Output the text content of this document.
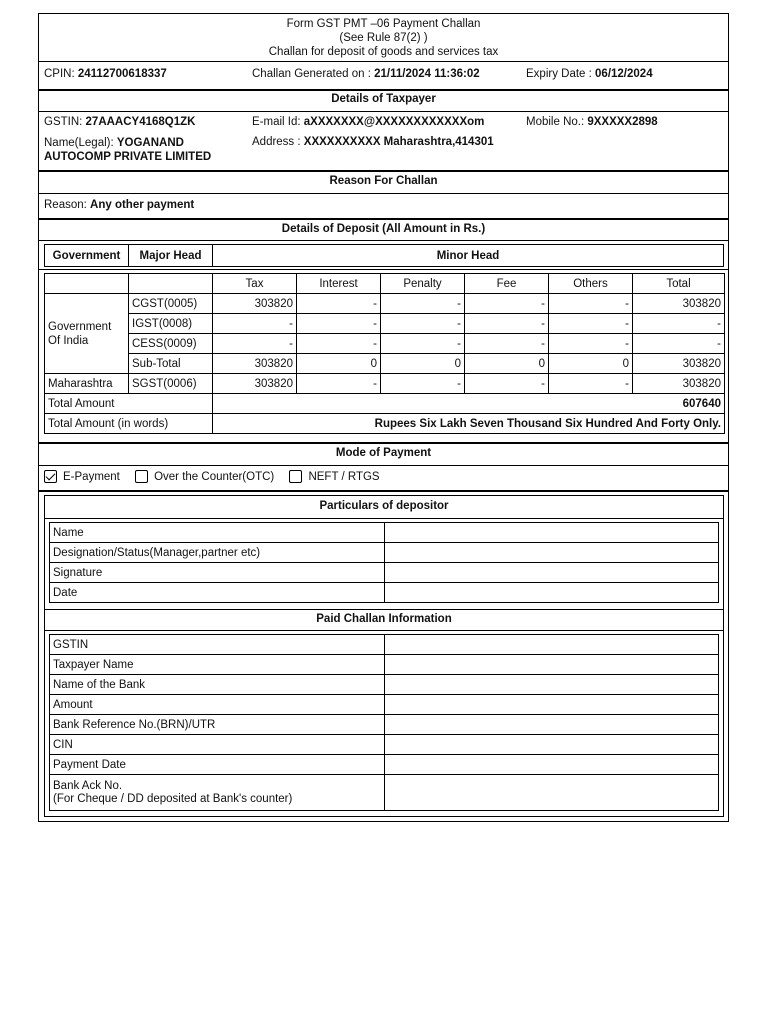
Form GST PMT –06 Payment Challan
(See Rule 87(2) )
Challan for deposit of goods and services tax
CPIN: 24112700618337	Challan Generated on : 21/11/2024 11:36:02	Expiry Date : 06/12/2024
Details of Taxpayer
GSTIN: 27AAACY4168Q1ZK	E-mail Id: aXXXXXXX@XXXXXXXXXXXXom	Mobile No.: 9XXXXX2898
Name(Legal): YOGANAND
AUTOCOMP PRIVATE LIMITED
Address : XXXXXXXXXX Maharashtra,414301
Reason For Challan
Reason: Any other payment
Details of Deposit (All Amount in Rs.)
Government	Major Head	Minor Head
		Tax	Interest	Penalty	Fee	Others	Total
Government Of India	CGST(0005)	303820	-	-	-	-	303820
	IGST(0008)	-	-	-	-	-	-
	CESS(0009)	-	-	-	-	-	-
	Sub-Total	303820	0	0	0	0	303820
Maharashtra	SGST(0006)	303820	-	-	-	-	303820
Total Amount		607640					
Total Amount (in words)		Rupees Six Lakh Seven Thousand Six Hundred And Forty Only.					
Mode of Payment
E-Payment	Over the Counter(OTC)	NEFT / RTGS
Particulars of depositor
Name	
Designation/Status(Manager,partner etc)	
Signature	
Date	
Paid Challan Information
GSTIN	
Taxpayer Name	
Name of the Bank	
Amount	
Bank Reference No.(BRN)/UTR	
CIN	
Payment Date	

Bank Ack No.
(For Cheque / DD deposited at Bank's counter)	
